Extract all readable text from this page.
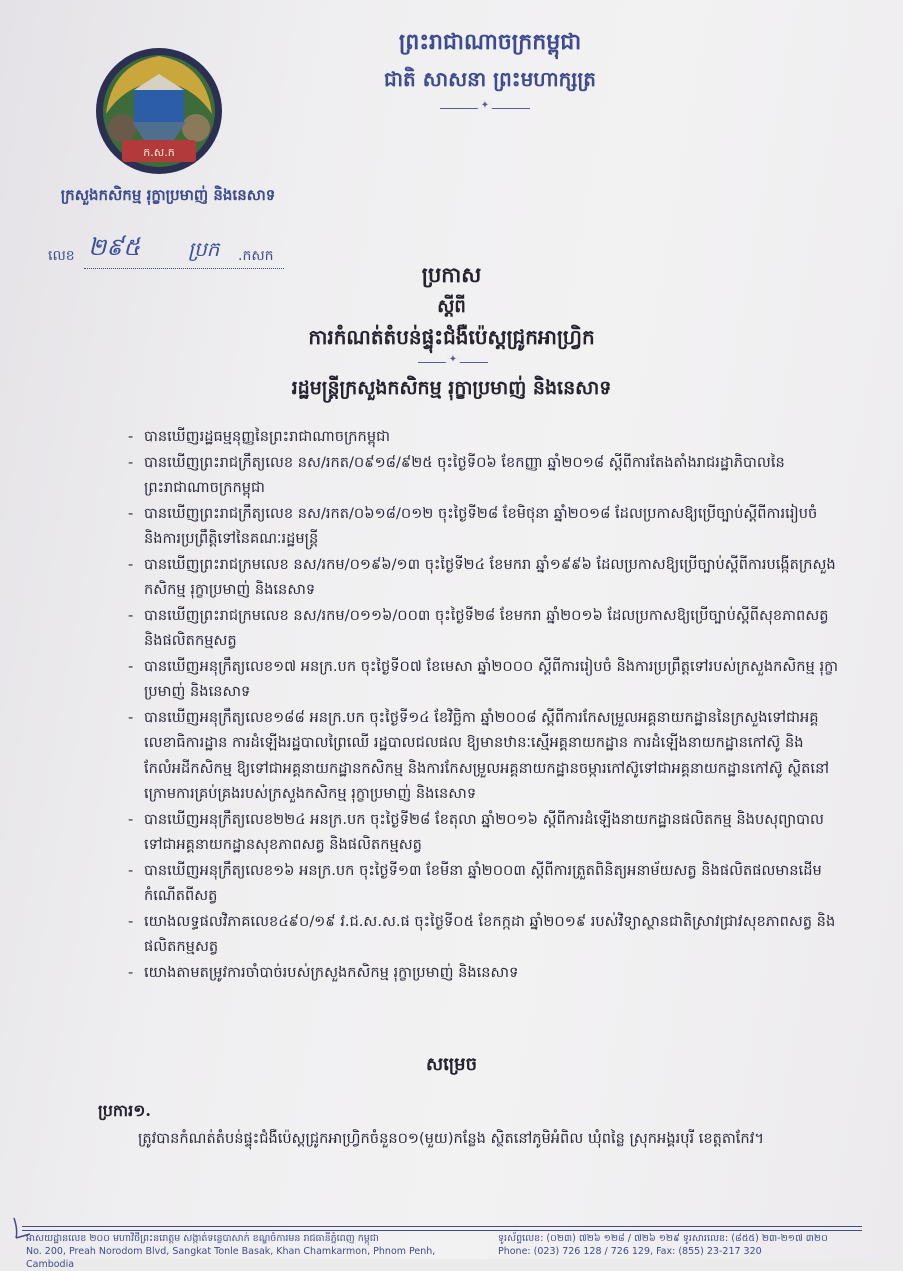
ព្រះរាជាណាចក្រកម្ពុជា
ជាតិ សាសនា ព្រះមហាក្សត្រ
✦
ក.ស.ក
ក្រសួងកសិកម្ម រុក្ខាប្រមាញ់ និងនេសាទ
លេខ ២៩៥ ប្រក .កសក
ប្រកាស
ស្តីពី
ការកំណត់តំបន់ផ្ទុះជំងឺប៉េស្តជ្រូកអាហ្វ្រិក
✦
រដ្ឋមន្ត្រីក្រសួងកសិកម្ម រុក្ខាប្រមាញ់ និងនេសាទ

- បានឃើញរដ្ឋធម្មនុញ្ញនៃព្រះរាជាណាចក្រកម្ពុជា

- បានឃើញព្រះរាជក្រឹត្យលេខ នស/រកត/០៩១៨/៩២៥ ចុះថ្ងៃទី០៦ ខែកញ្ញា ឆ្នាំ២០១៨ ស្តីពីការតែងតាំងរាជរដ្ឋាភិបាលនៃព្រះរាជាណាចក្រកម្ពុជា

- បានឃើញព្រះរាជក្រឹត្យលេខ នស/រកត/០៦១៨/០១២ ចុះថ្ងៃទី២៨ ខែមិថុនា ឆ្នាំ២០១៨ ដែលប្រកាសឱ្យប្រើច្បាប់ស្តីពីការរៀបចំ និងការប្រព្រឹត្តិទៅនៃគណៈរដ្ឋមន្ត្រី

- បានឃើញព្រះរាជក្រមលេខ នស/រកម/០១៩៦/១៣ ចុះថ្ងៃទី២៤ ខែមករា ឆ្នាំ១៩៩៦ ដែលប្រកាសឱ្យប្រើច្បាប់ស្តីពីការបង្កើតក្រសួងកសិកម្ម រុក្ខាប្រមាញ់ និងនេសាទ

- បានឃើញព្រះរាជក្រមលេខ នស/រកម/០១១៦/០០៣ ចុះថ្ងៃទី២៨ ខែមករា ឆ្នាំ២០១៦ ដែលប្រកាសឱ្យប្រើច្បាប់ស្តីពីសុខភាពសត្វ និងផលិតកម្មសត្វ

- បានឃើញអនុក្រឹត្យលេខ១៧ អនក្រ.បក ចុះថ្ងៃទី០៧ ខែមេសា ឆ្នាំ២០០០ ស្តីពីការរៀបចំ និងការប្រព្រឹត្តទៅរបស់ក្រសួងកសិកម្ម រុក្ខាប្រមាញ់ និងនេសាទ

- បានឃើញអនុក្រឹត្យលេខ១៨៨ អនក្រ.បក ចុះថ្ងៃទី១៤ ខែវិច្ឆិកា ឆ្នាំ២០០៨ ស្តីពីការកែសម្រួលអគ្គនាយកដ្ឋាននៃក្រសួងទៅជាអគ្គលេខាធិការដ្ឋាន ការដំឡើងរដ្ឋបាលព្រៃឈើ រដ្ឋបាលជលផល ឱ្យមានឋានៈស្មើអគ្គនាយកដ្ឋាន ការដំឡើងនាយកដ្ឋានកៅស៊ូ និងកែលំអដីកសិកម្ម ឱ្យទៅជាអគ្គនាយកដ្ឋានកសិកម្ម និងការកែសម្រួលអគ្គនាយកដ្ឋានចម្ការកៅស៊ូទៅជាអគ្គនាយកដ្ឋានកៅស៊ូ ស្ថិតនៅក្រោមការគ្រប់គ្រងរបស់ក្រសួងកសិកម្ម រុក្ខាប្រមាញ់ និងនេសាទ

- បានឃើញអនុក្រឹត្យលេខ២២៤ អនក្រ.បក ចុះថ្ងៃទី២៨ ខែតុលា ឆ្នាំ២០១៦ ស្តីពីការដំឡើងនាយកដ្ឋានផលិតកម្ម និងបសុព្យាបាល ទៅជាអគ្គនាយកដ្ឋានសុខភាពសត្វ និងផលិតកម្មសត្វ

- បានឃើញអនុក្រឹត្យលេខ១៦ អនក្រ.បក ចុះថ្ងៃទី១៣ ខែមីនា ឆ្នាំ២០០៣ ស្តីពីការត្រួតពិនិត្យអនាម័យសត្វ និងផលិតផលមានដើមកំណើតពីសត្វ

- យោងលទ្ធផលវិភាគលេខ៤៩០/១៩ វ.ជ.ស.ស.ផ ចុះថ្ងៃទី០៥ ខែកក្កដា ឆ្នាំ២០១៩ របស់វិទ្យាស្ថានជាតិស្រាវជ្រាវសុខភាពសត្វ និងផលិតកម្មសត្វ

- យោងតាមតម្រូវការចាំបាច់របស់ក្រសួងកសិកម្ម រុក្ខាប្រមាញ់ និងនេសាទ

សម្រេច
ប្រការ១.
ត្រូវបានកំណត់តំបន់ផ្ទុះជំងឺប៉េស្តជ្រូកអាហ្វ្រិកចំនួន០១(មួយ)កន្លែង ស្ថិតនៅភូមិអំពិល ឃុំពន្លៃ ស្រុកអង្គរបុរី ខេត្តតាកែវ។
អាសយដ្ឋានលេខ ២០០ មហាវិថីព្រះនរោត្តម សង្កាត់ទន្លេបាសាក់ ខណ្ឌចំការមន រាជធានីភ្នំពេញ កម្ពុជា
No. 200, Preah Norodom Blvd, Sangkat Tonle Basak, Khan Chamkarmon, Phnom Penh, Cambodia
ទូរស័ព្ទលេខ: (០២៣) ៧២៦ ១២៨ / ៧២៦ ១២៩ ទូរសារលេខ: (៨៥៥) ២៣-២១៧ ៣២០
Phone: (023) 726 128 / 726 129, Fax: (855) 23-217 320
